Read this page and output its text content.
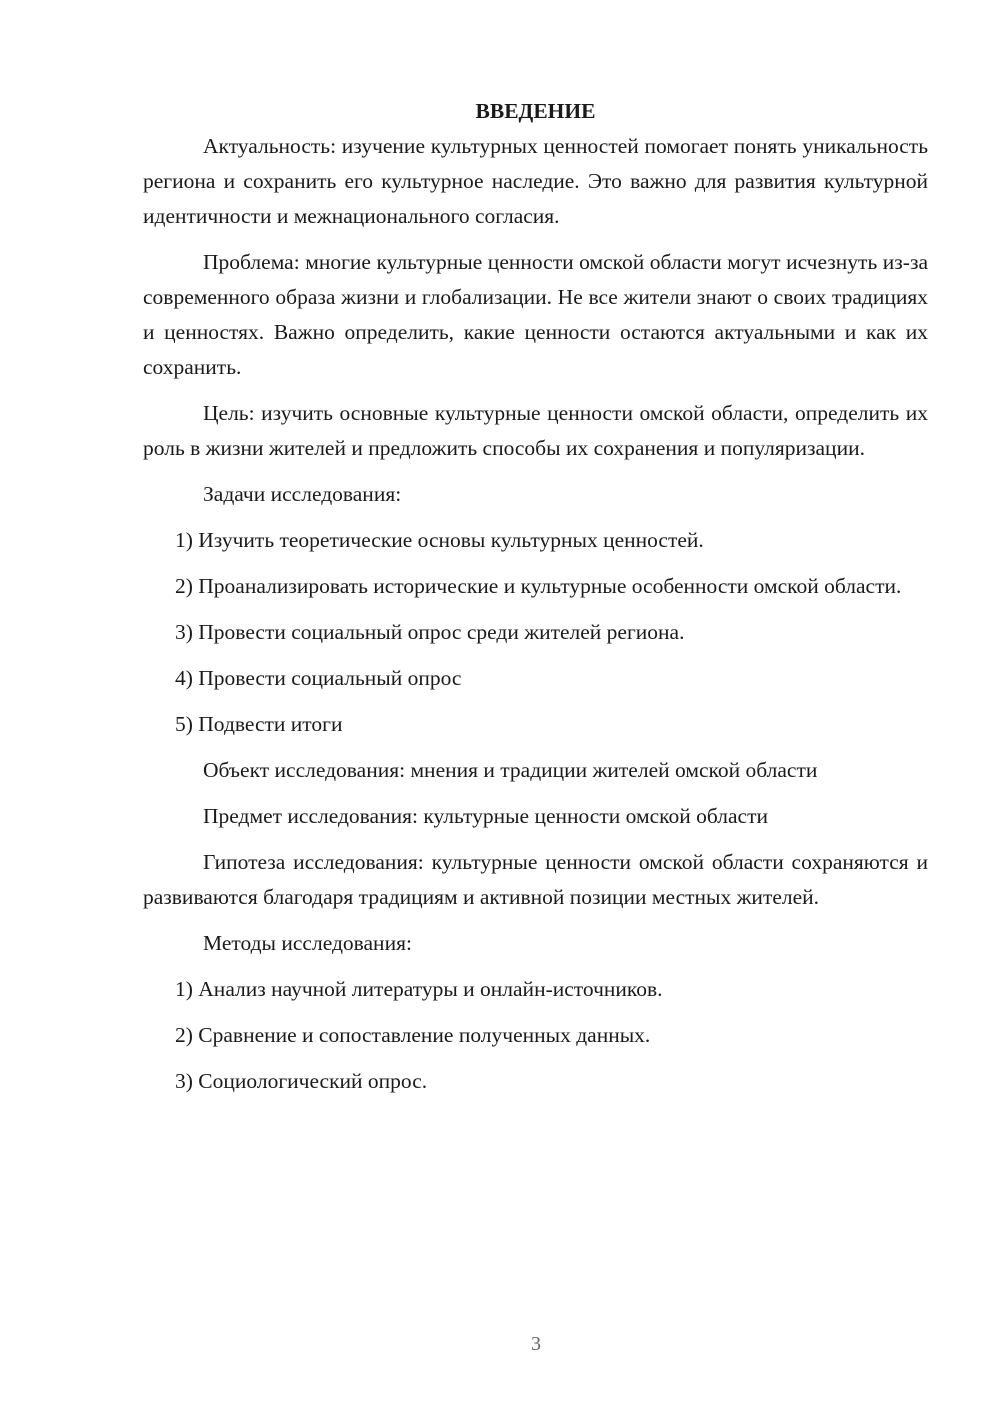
ВВЕДЕНИЕ

Актуальность: изучение культурных ценностей помогает понять уникальность региона и сохранить его культурное наследие. Это важно для развития культурной идентичности и межнационального согласия.

Проблема: многие культурные ценности омской области могут исчезнуть из-за современного образа жизни и глобализации. Не все жители знают о своих традициях и ценностях. Важно определить, какие ценности остаются актуальными и как их сохранить.

Цель: изучить основные культурные ценности омской области, определить их роль в жизни жителей и предложить способы их сохранения и популяризации.

Задачи исследования:

1) Изучить теоретические основы культурных ценностей.

2) Проанализировать исторические и культурные особенности омской области.

3) Провести социальный опрос среди жителей региона.

4) Провести социальный опрос

5) Подвести итоги

Объект исследования: мнения и традиции жителей омской области

Предмет исследования: культурные ценности омской области

Гипотеза исследования: культурные ценности омской области сохраняются и развиваются благодаря традициям и активной позиции местных жителей.

Методы исследования:

1) Анализ научной литературы и онлайн-источников.

2) Сравнение и сопоставление полученных данных.

3) Социологический опрос.

3
